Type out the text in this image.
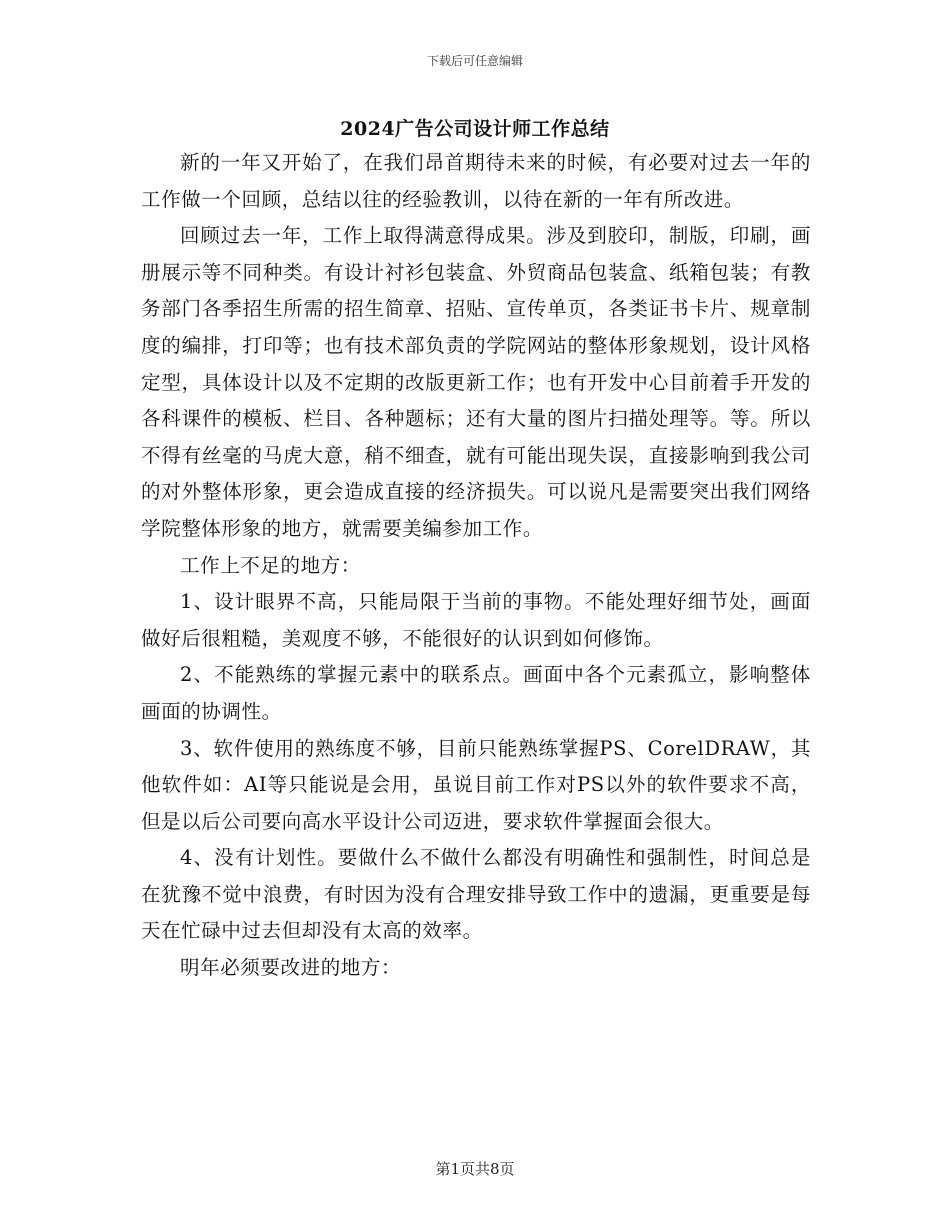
下载后可任意编辑
2024广告公司设计师工作总结

新的一年又开始了，在我们昂首期待未来的时候，有必要对过去一年的工作做一个回顾，总结以往的经验教训，以待在新的一年有所改进。

回顾过去一年，工作上取得满意得成果。涉及到胶印，制版，印刷，画册展示等不同种类。有设计衬衫包装盒、外贸商品包装盒、纸箱包装；有教务部门各季招生所需的招生简章、招贴、宣传单页，各类证书卡片、规章制度的编排，打印等；也有技术部负责的学院网站的整体形象规划，设计风格定型，具体设计以及不定期的改版更新工作；也有开发中心目前着手开发的各科课件的模板、栏目、各种题标；还有大量的图片扫描处理等。等。所以不得有丝毫的马虎大意，稍不细查，就有可能出现失误，直接影响到我公司的对外整体形象，更会造成直接的经济损失。可以说凡是需要突出我们网络学院整体形象的地方，就需要美编参加工作。

工作上不足的地方：

1、设计眼界不高，只能局限于当前的事物。不能处理好细节处，画面做好后很粗糙，美观度不够，不能很好的认识到如何修饰。

2、不能熟练的掌握元素中的联系点。画面中各个元素孤立，影响整体画面的协调性。

3、软件使用的熟练度不够，目前只能熟练掌握PS、CorelDRAW，其他软件如：AI等只能说是会用，虽说目前工作对PS以外的软件要求不高，但是以后公司要向高水平设计公司迈进，要求软件掌握面会很大。

4、没有计划性。要做什么不做什么都没有明确性和强制性，时间总是在犹豫不觉中浪费，有时因为没有合理安排导致工作中的遗漏，更重要是每天在忙碌中过去但却没有太高的效率。

明年必须要改进的地方：

第1页共8页
